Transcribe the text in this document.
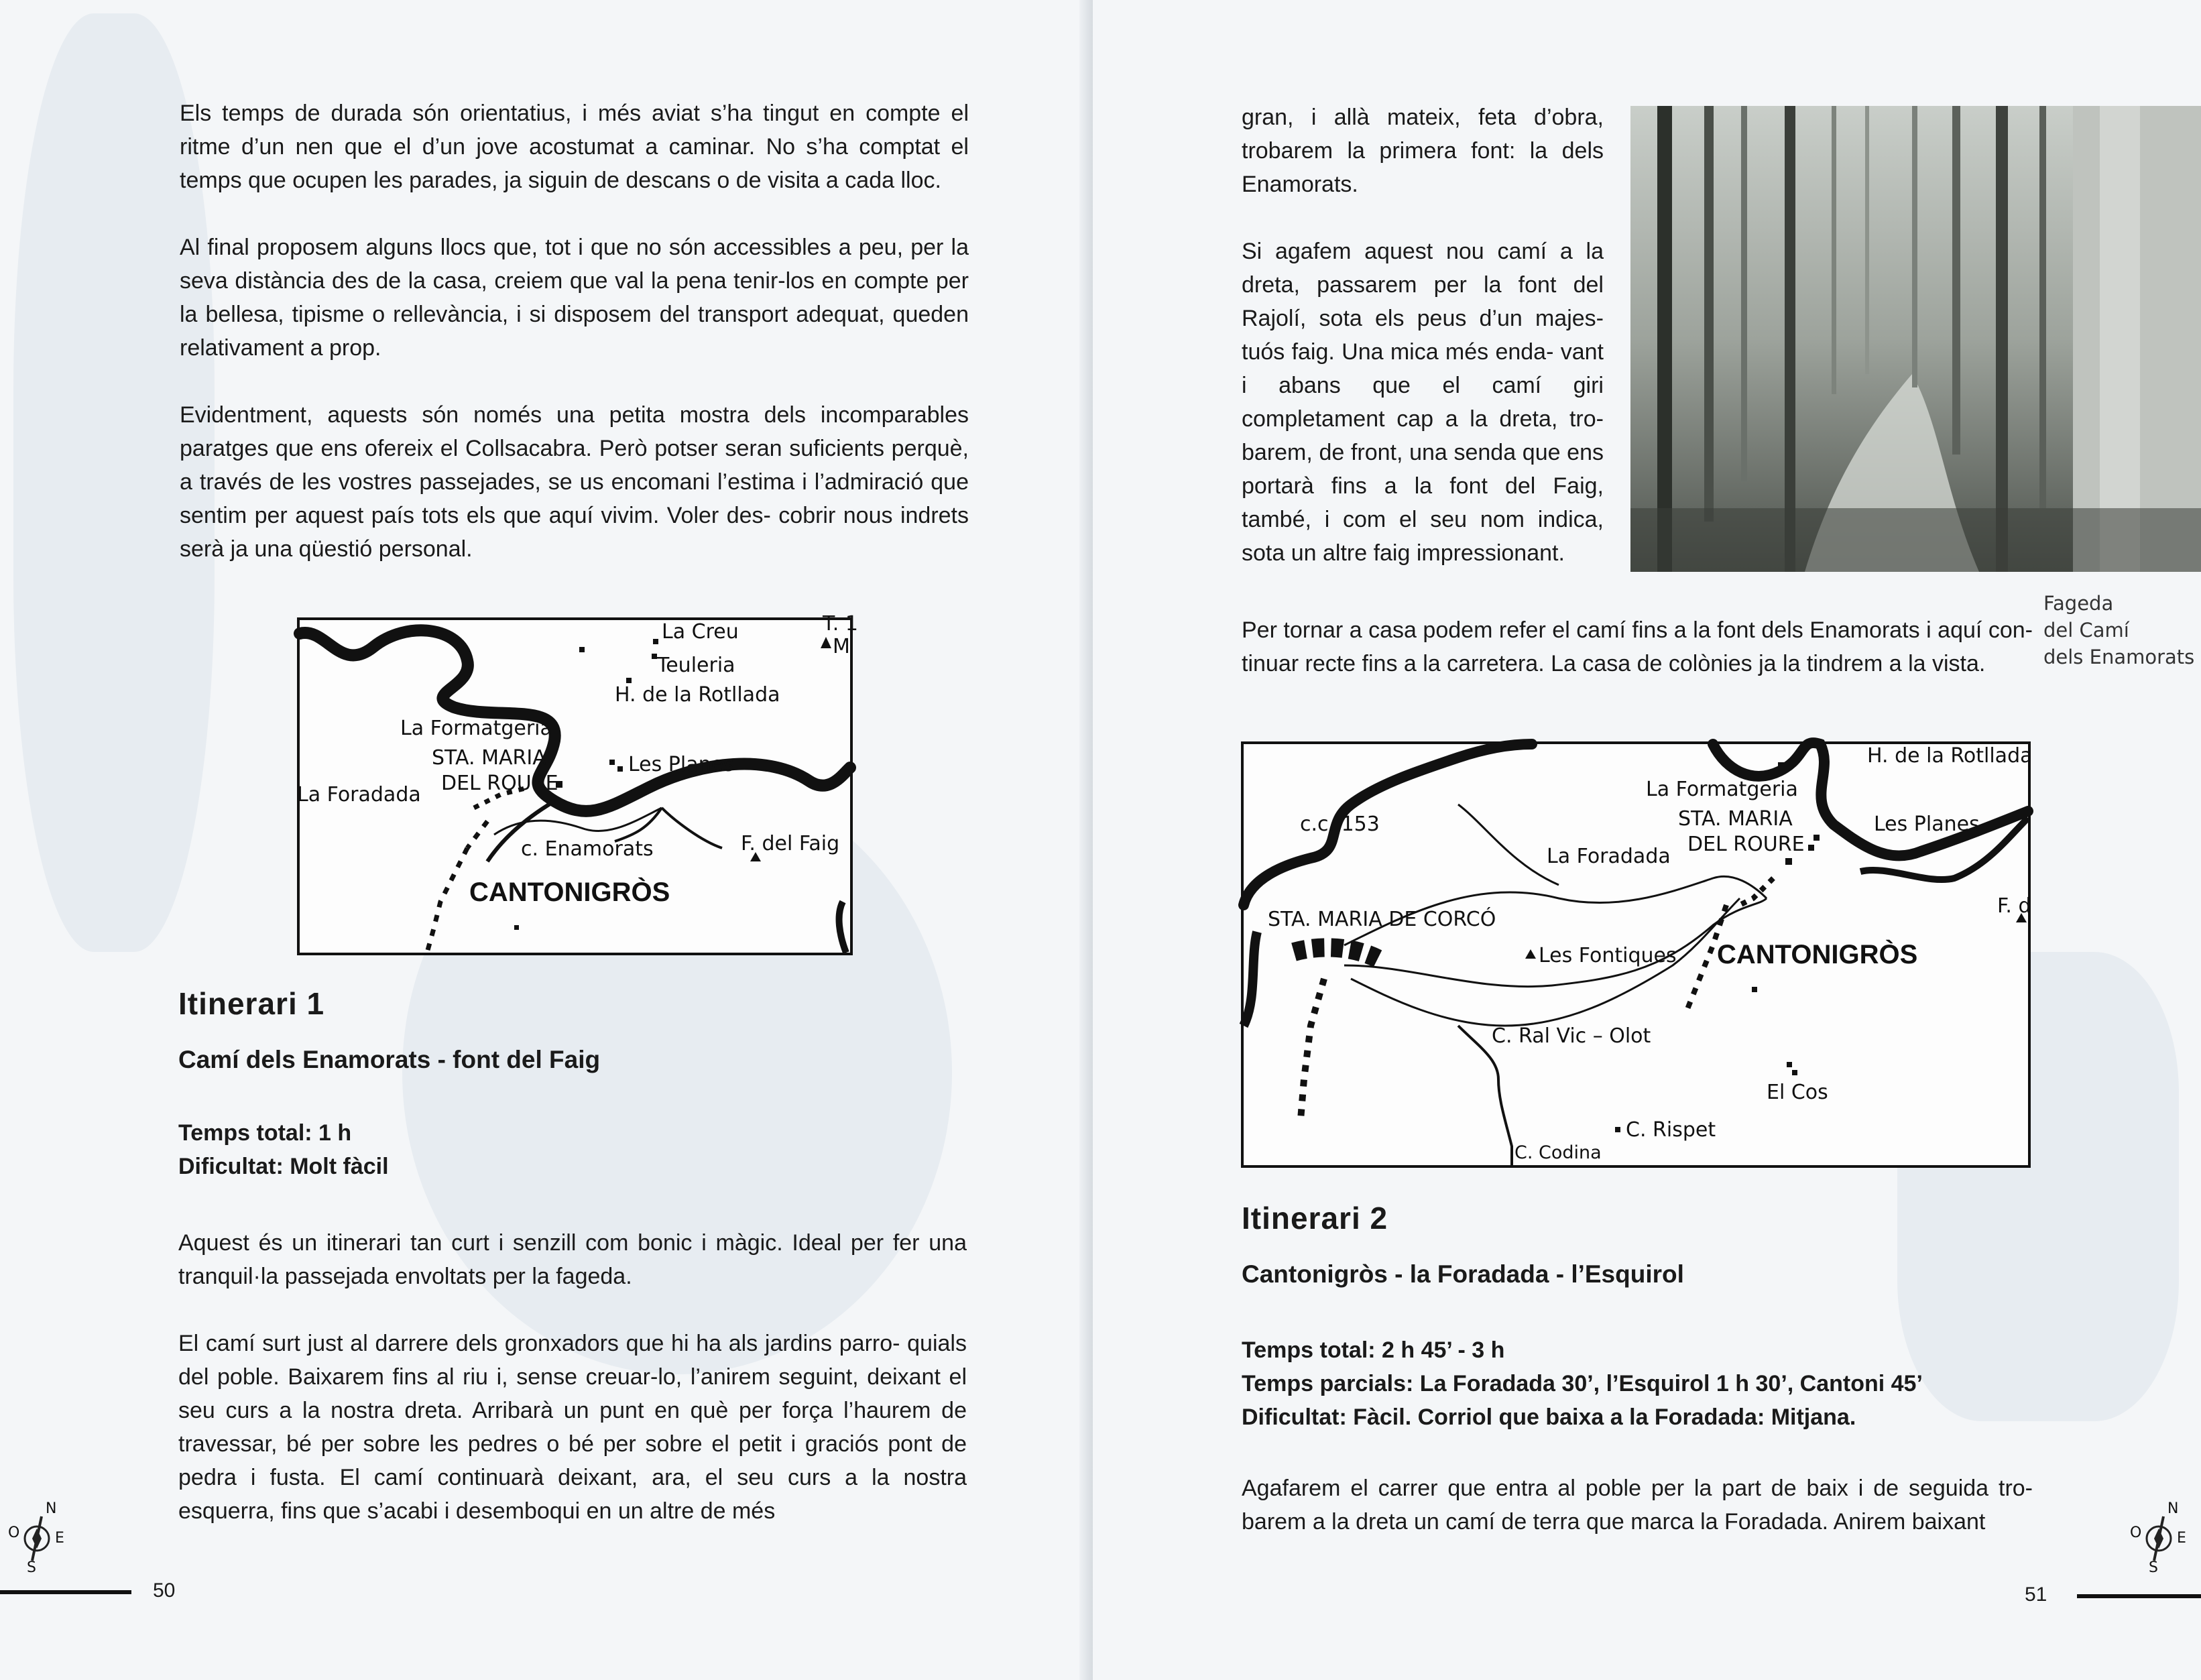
Els temps de durada són orientatius, i més aviat s’ha tingut en compte el ritme d’un nen que el d’un jove acostumat a caminar. No s’ha comptat el temps que ocupen les parades, ja siguin de descans o de visita a cada lloc.

Al final proposem alguns llocs que, tot i que no són accessibles a peu, per la seva distància des de la casa, creiem que val la pena tenir-los en compte per la bellesa, tipisme o rellevància, i si disposem del transport adequat, queden relativament a prop.

Evidentment, aquests són només una petita mostra dels incomparables paratges que ens ofereix el Collsacabra. Però potser seran suficients perquè, a través de les vostres passejades, se us encomani l’estima i l’admiració que sentim per aquest país tots els que aquí vivim. Voler des- cobrir nous indrets serà ja una qüestió personal.

La Creu	T. 1
M
Teuleria
H. de la Rotllada
La Formatgeria
STA. MARIA
DEL ROURE
Les Planes
La Foradada
c. Enamorats	F. del Faig
CANTONIGRÒS
Itinerari 1
Camí dels Enamorats - font del Faig
Temps total: 1 h
Dificultat: Molt fàcil

Aquest és un itinerari tan curt i senzill com bonic i màgic. Ideal per fer una tranquil·la passejada envoltats per la fageda.

El camí surt just al darrere dels gronxadors que hi ha als jardins parro- quials del poble. Baixarem fins al riu i, sense creuar-lo, l’anirem seguint, deixant el seu curs a la nostra dreta. Arribarà un punt en què per força l’haurem de travessar, bé per sobre les pedres o bé per sobre el petit i graciós pont de pedra i fusta. El camí continuarà deixant, ara, el seu curs a la nostra esquerra, fins que s’acabi i desemboqui en un altre de més

N
S
E
O
50

gran, i allà mateix, feta d’obra, trobarem la primera font: la dels Enamorats.

Si agafem aquest nou camí a la dreta, passarem per la font del Rajolí, sota els peus d’un majes- tuós faig. Una mica més enda- vant i abans que el camí giri completament cap a la dreta, tro- barem, de front, una senda que ens portarà fins a la font del Faig, també, i com el seu nom indica, sota un altre faig impressionant.

Fageda
del Camí
dels Enamorats

Per tornar a casa podem refer el camí fins a la font dels Enamorats i aquí con- tinuar recte fins a la carretera. La casa de colònies ja la tindrem a la vista.

H. de la Rotllada
La Formatgeria
STA. MARIA
DEL ROURE
Les Planes
c.c. 153
La Foradada
F. d
STA. MARIA DE CORCÓ
Les Fontiques CANTONIGRÒS
C. Ral Vic – Olot
El Cos
C. Rispet
C. Codina
Itinerari 2
Cantonigròs - la Foradada - l’Esquirol
Temps total: 2 h 45’ - 3 h
Temps parcials: La Foradada 30’, l’Esquirol 1 h 30’, Cantoni 45’
Dificultat: Fàcil. Corriol que baixa a la Foradada: Mitjana.

Agafarem el carrer que entra al poble per la part de baix i de seguida tro- barem a la dreta un camí de terra que marca la Foradada. Anirem baixant

N
S
E
O
51
